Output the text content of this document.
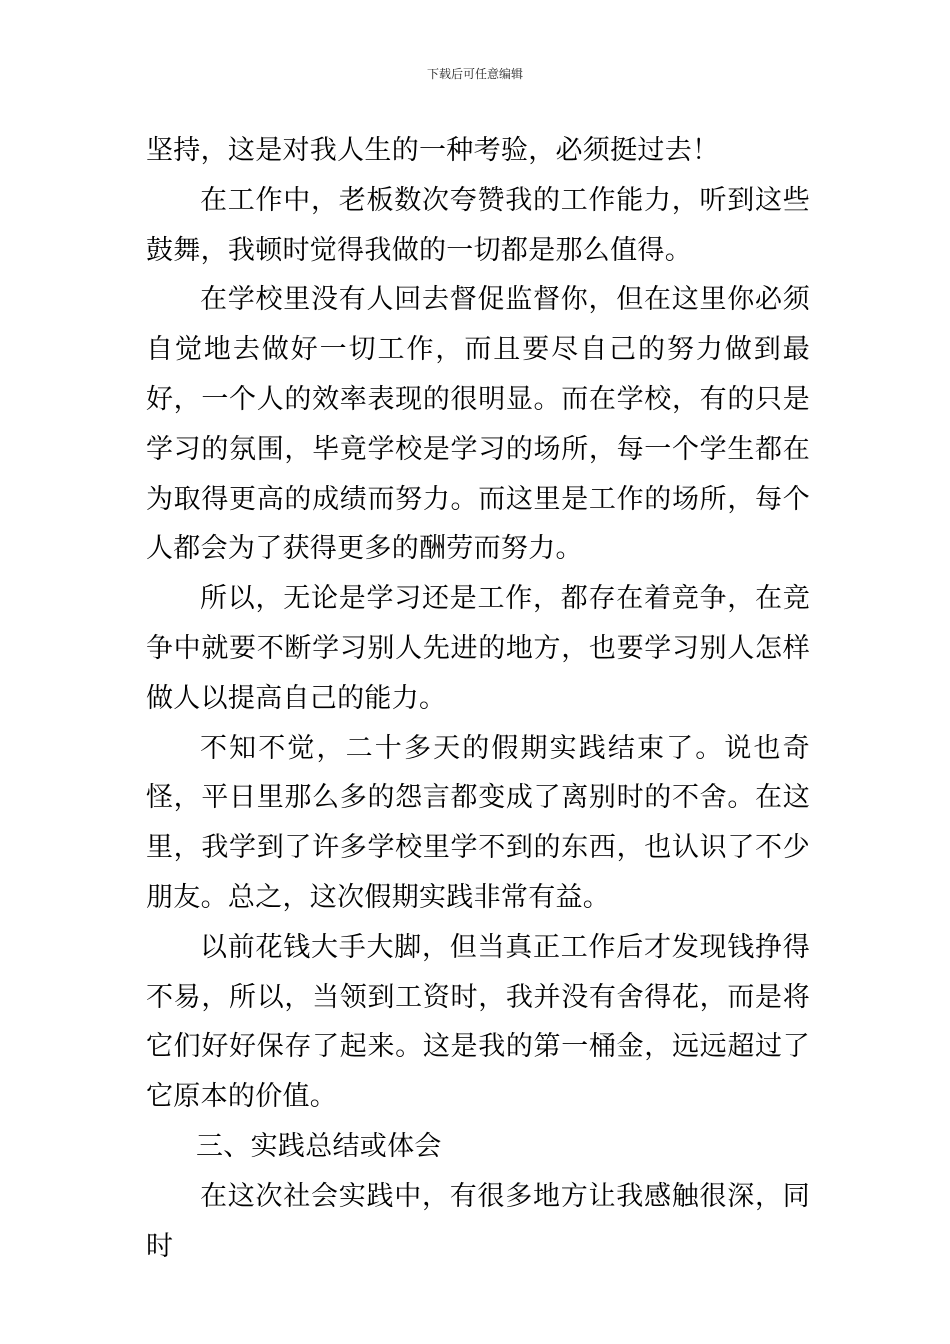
下载后可任意编辑

坚持，这是对我人生的一种考验，必须挺过去！

在工作中，老板数次夸赞我的工作能力，听到这些鼓舞，我顿时觉得我做的一切都是那么值得。

在学校里没有人回去督促监督你，但在这里你必须自觉地去做好一切工作，而且要尽自己的努力做到最好，一个人的效率表现的很明显。而在学校，有的只是学习的氛围，毕竟学校是学习的场所，每一个学生都在为取得更高的成绩而努力。而这里是工作的场所，每个人都会为了获得更多的酬劳而努力。

所以，无论是学习还是工作，都存在着竞争，在竞争中就要不断学习别人先进的地方，也要学习别人怎样做人以提高自己的能力。

不知不觉，二十多天的假期实践结束了。说也奇怪，平日里那么多的怨言都变成了离别时的不舍。在这里，我学到了许多学校里学不到的东西，也认识了不少朋友。总之，这次假期实践非常有益。

以前花钱大手大脚，但当真正工作后才发现钱挣得不易，所以，当领到工资时，我并没有舍得花，而是将它们好好保存了起来。这是我的第一桶金，远远超过了它原本的价值。

三、实践总结或体会

在这次社会实践中，有很多地方让我感触很深，同时
